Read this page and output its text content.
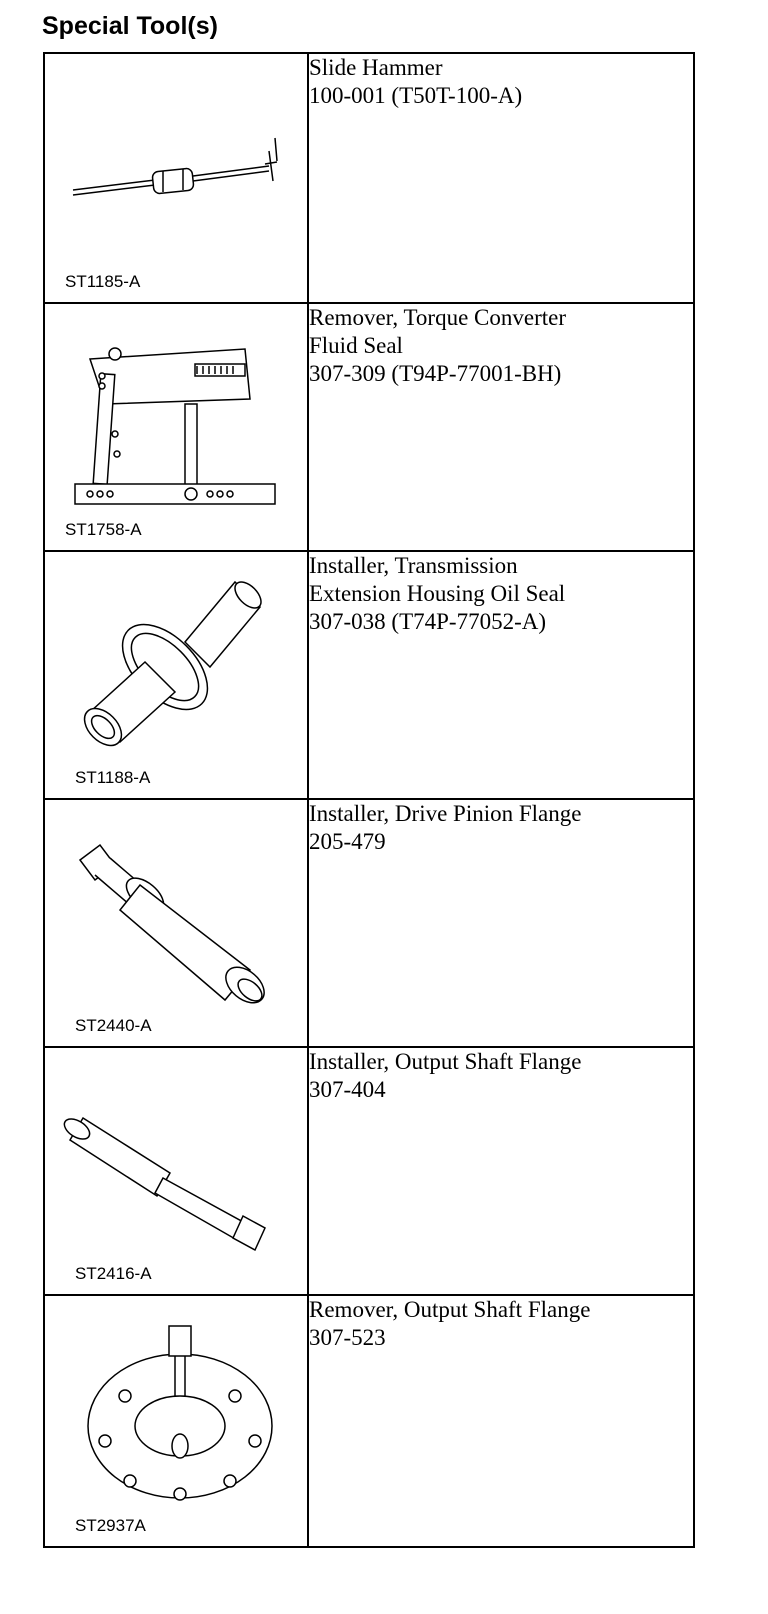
Special Tool(s)
ST1185-A	Slide Hammer
100-001 (T50T-100-A)

ST1758-A	Remover, Torque Converter
Fluid Seal
307-309 (T94P-77001-BH)

ST1188-A	Installer, Transmission
Extension Housing Oil Seal
307-038 (T74P-77052-A)

ST2440-A	Installer, Drive Pinion Flange
205-479

ST2416-A	Installer, Output Shaft Flange
307-404

ST2937A	Remover, Output Shaft Flange
307-523
